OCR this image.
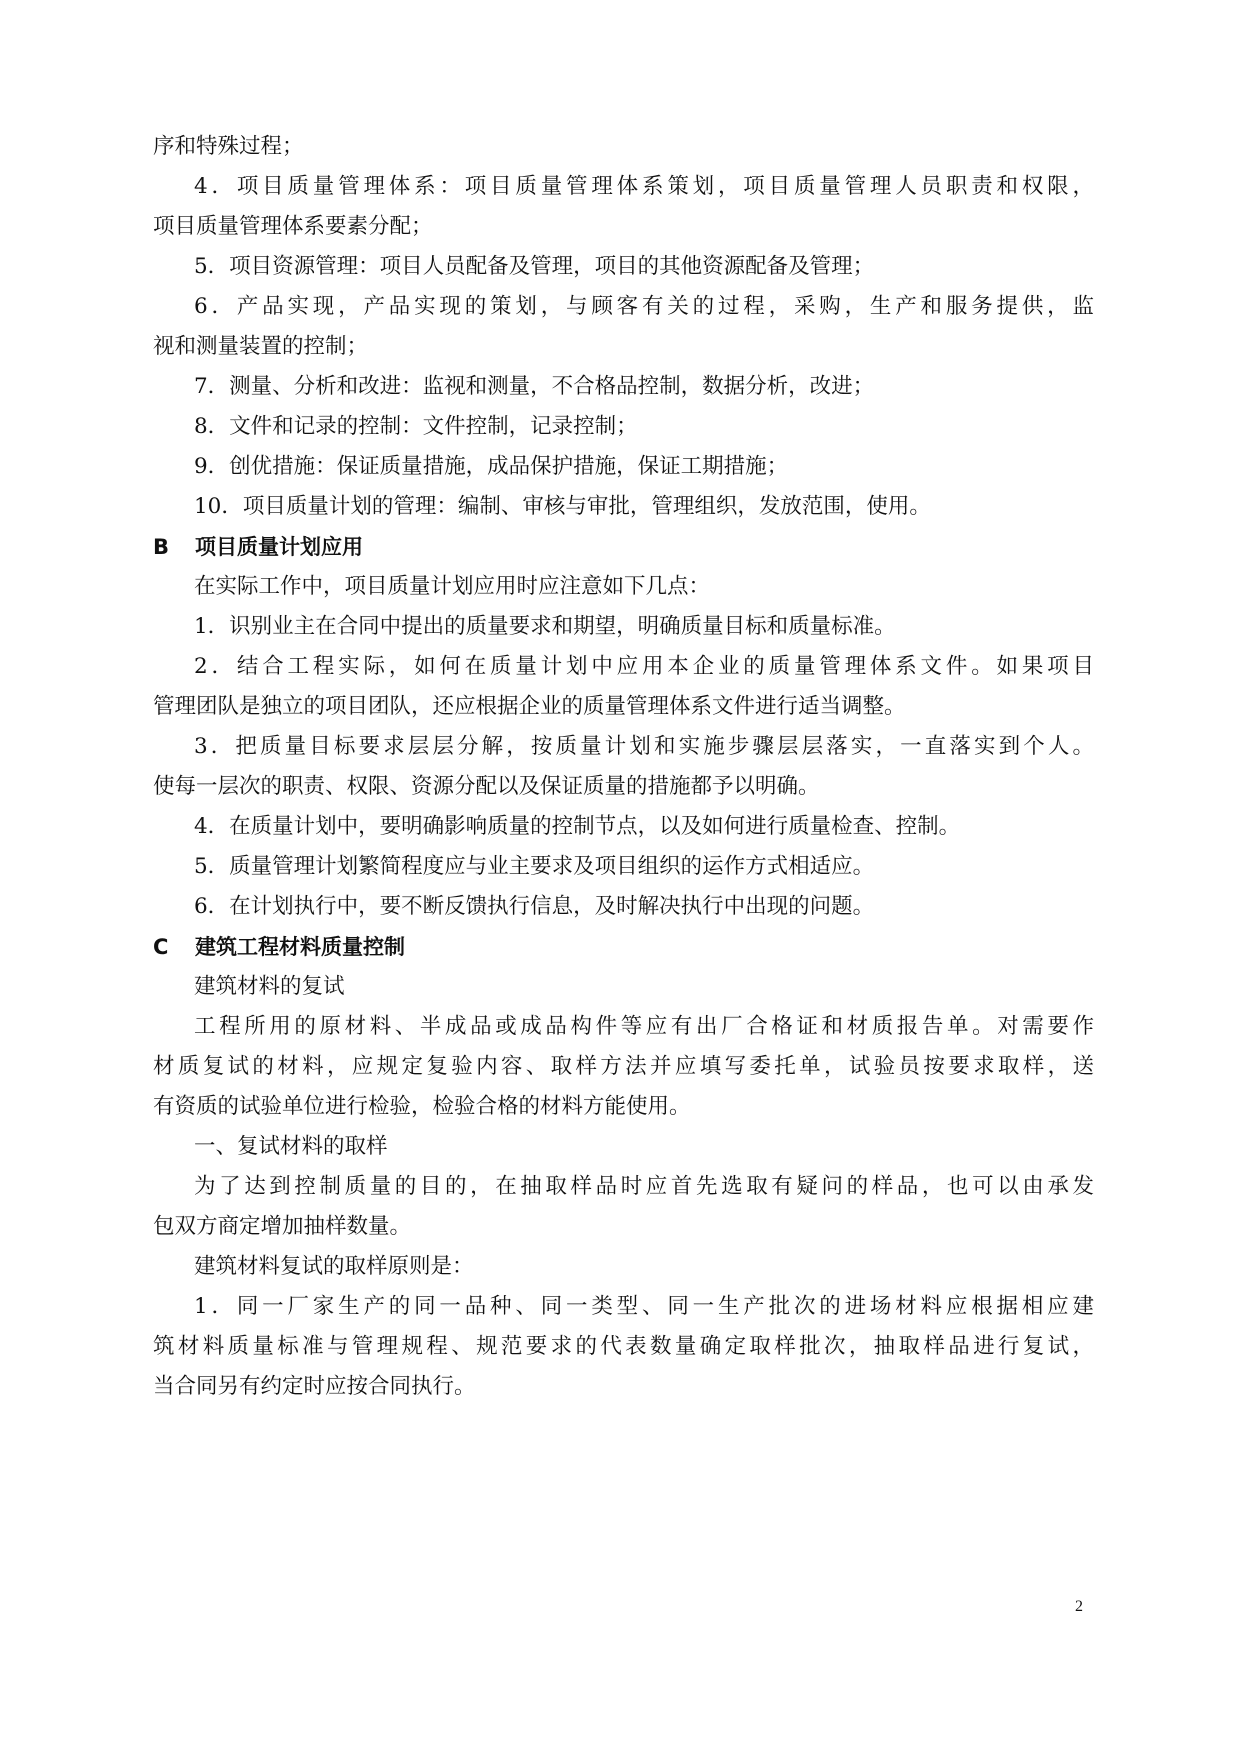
序和特殊过程；
4．项目质量管理体系：项目质量管理体系策划，项目质量管理人员职责和权限，
项目质量管理体系要素分配；
5．项目资源管理：项目人员配备及管理，项目的其他资源配备及管理；
6．产品实现，产品实现的策划，与顾客有关的过程，采购，生产和服务提供，监
视和测量装置的控制；
7．测量、分析和改进：监视和测量，不合格品控制，数据分析，改进；
8．文件和记录的控制：文件控制，记录控制；
9．创优措施：保证质量措施，成品保护措施，保证工期措施；
10．项目质量计划的管理：编制、审核与审批，管理组织，发放范围，使用。
B 项目质量计划应用
在实际工作中，项目质量计划应用时应注意如下几点：
1．识别业主在合同中提出的质量要求和期望，明确质量目标和质量标准。
2．结合工程实际，如何在质量计划中应用本企业的质量管理体系文件。如果项目
管理团队是独立的项目团队，还应根据企业的质量管理体系文件进行适当调整。
3．把质量目标要求层层分解，按质量计划和实施步骤层层落实，一直落实到个人。
使每一层次的职责、权限、资源分配以及保证质量的措施都予以明确。
4．在质量计划中，要明确影响质量的控制节点，以及如何进行质量检查、控制。
5．质量管理计划繁简程度应与业主要求及项目组织的运作方式相适应。
6．在计划执行中，要不断反馈执行信息，及时解决执行中出现的问题。
C 建筑工程材料质量控制
建筑材料的复试
工程所用的原材料、半成品或成品构件等应有出厂合格证和材质报告单。对需要作
材质复试的材料，应规定复验内容、取样方法并应填写委托单，试验员按要求取样，送
有资质的试验单位进行检验，检验合格的材料方能使用。
一、复试材料的取样
为了达到控制质量的目的，在抽取样品时应首先选取有疑问的样品，也可以由承发
包双方商定增加抽样数量。
建筑材料复试的取样原则是：
1．同一厂家生产的同一品种、同一类型、同一生产批次的进场材料应根据相应建
筑材料质量标准与管理规程、规范要求的代表数量确定取样批次，抽取样品进行复试，
当合同另有约定时应按合同执行。
2
